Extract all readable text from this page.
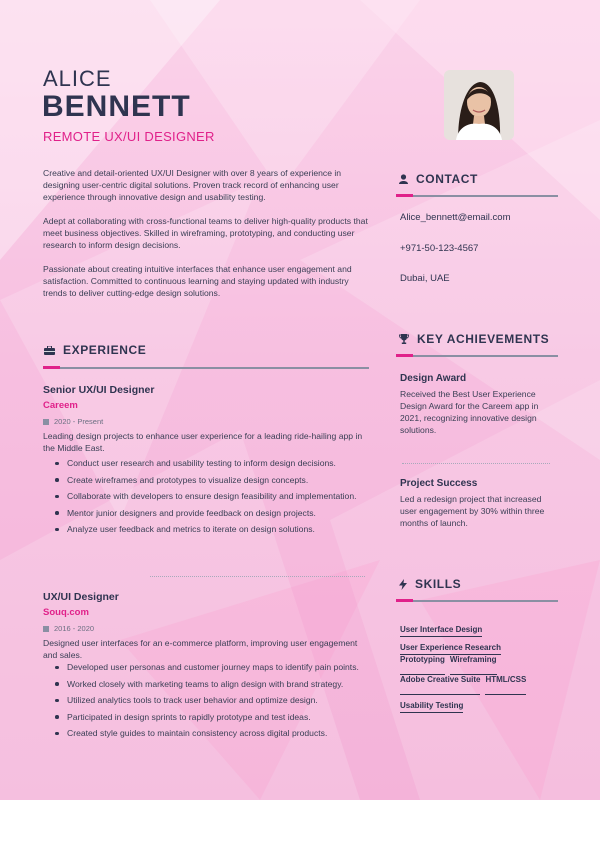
ALICE
BENNETT
REMOTE UX/UI DESIGNER

Creative and detail-oriented UX/UI Designer with over 8 years of experience in designing user-centric digital solutions. Proven track record of enhancing user experience through innovative design and usability testing.

Adept at collaborating with cross-functional teams to deliver high-quality products that meet business objectives. Skilled in wireframing, prototyping, and conducting user research to inform design decisions.

Passionate about creating intuitive interfaces that enhance user engagement and satisfaction. Committed to continuous learning and staying updated with industry trends to deliver cutting-edge design solutions.

EXPERIENCE
Senior UX/UI Designer
Careem
2020 - Present
Leading design projects to enhance user experience for a leading ride-hailing app in the Middle East.
Conduct user research and usability testing to inform design decisions.
Create wireframes and prototypes to visualize design concepts.
Collaborate with developers to ensure design feasibility and implementation.
Mentor junior designers and provide feedback on design projects.
Analyze user feedback and metrics to iterate on design solutions.
UX/UI Designer
Souq.com
2016 - 2020
Designed user interfaces for an e-commerce platform, improving user engagement and sales.
Developed user personas and customer journey maps to identify pain points.
Worked closely with marketing teams to align design with brand strategy.
Utilized analytics tools to track user behavior and optimize design.
Participated in design sprints to rapidly prototype and test ideas.
Created style guides to maintain consistency across digital products.
CONTACT
Alice_bennett@email.com
+971-50-123-4567
Dubai, UAE
KEY ACHIEVEMENTS
Design Award
Received the Best User Experience Design Award for the Careem app in 2021, recognizing innovative design solutions.
Project Success
Led a redesign project that increased user engagement by 30% within three months of launch.
SKILLS
User Interface Design
User Experience Research
Prototyping Wireframing
Adobe Creative Suite HTML/CSS
Usability Testing
